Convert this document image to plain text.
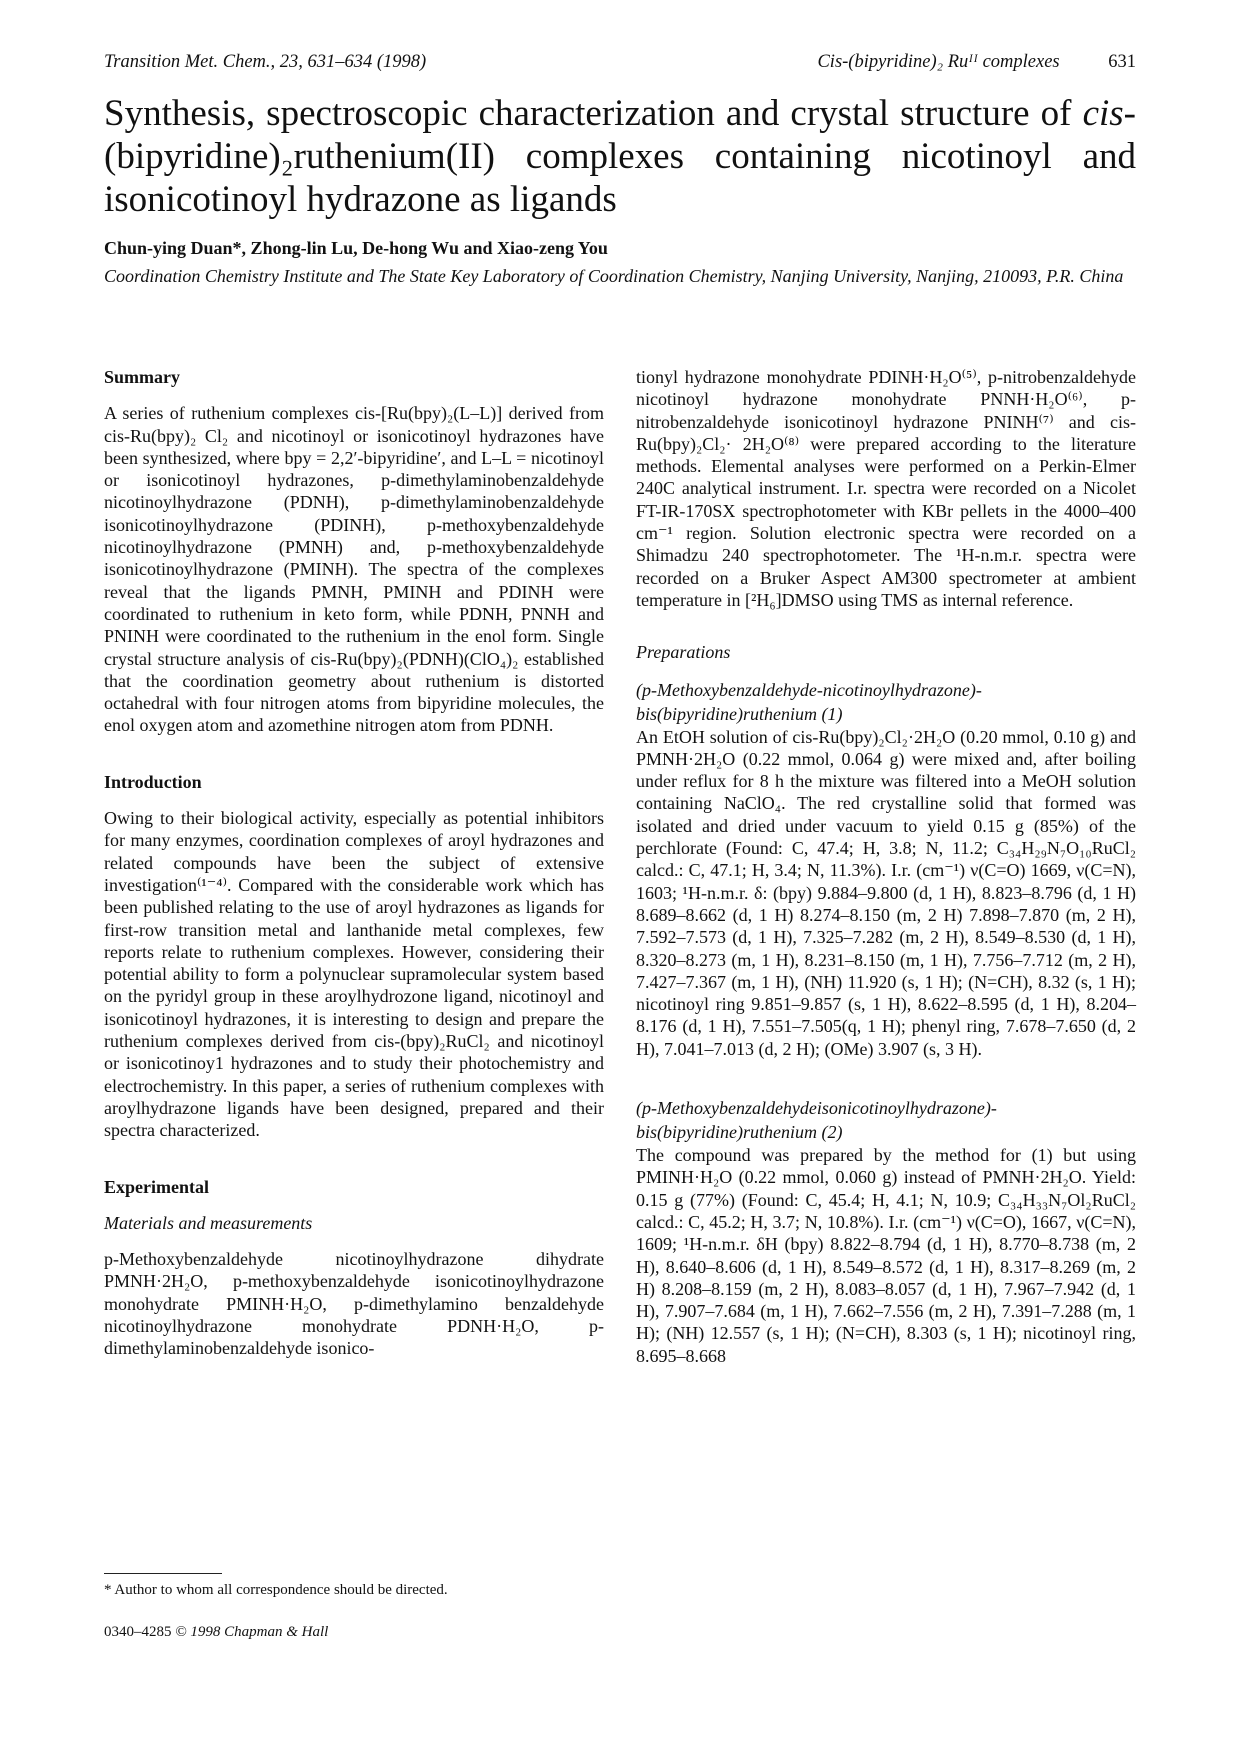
Transition Met. Chem., 23, 631–634 (1998)	Cis-(bipyridine)₂ Ruᴵᴵ complexes	631
Synthesis, spectroscopic characterization and crystal structure of cis-(bipyridine)₂ruthenium(II) complexes containing nicotinoyl and isonicotinoyl hydrazone as ligands
Chun-ying Duan*, Zhong-lin Lu, De-hong Wu and Xiao-zeng You
Coordination Chemistry Institute and The State Key Laboratory of Coordination Chemistry, Nanjing University, Nanjing, 210093, P.R. China
Summary

A series of ruthenium complexes cis-[Ru(bpy)₂(L–L)] derived from cis-Ru(bpy)₂ Cl₂ and nicotinoyl or isonicotinoyl hydrazones have been synthesized, where bpy = 2,2′-bipyridine′, and L–L = nicotinoyl or isonicotinoyl hydrazones, p-dimethylaminobenzaldehyde nicotinoylhydrazone (PDNH), p-dimethylaminobenzaldehyde isonicotinoylhydrazone (PDINH), p-methoxybenzaldehyde nicotinoylhydrazone (PMNH) and, p-methoxybenzaldehyde isonicotinoylhydrazone (PMINH). The spectra of the complexes reveal that the ligands PMNH, PMINH and PDINH were coordinated to ruthenium in keto form, while PDNH, PNNH and PNINH were coordinated to the ruthenium in the enol form. Single crystal structure analysis of cis-Ru(bpy)₂(PDNH)(ClO₄)₂ established that the coordination geometry about ruthenium is distorted octahedral with four nitrogen atoms from bipyridine molecules, the enol oxygen atom and azomethine nitrogen atom from PDNH.

Introduction

Owing to their biological activity, especially as potential inhibitors for many enzymes, coordination complexes of aroyl hydrazones and related compounds have been the subject of extensive investigation⁽¹⁻⁴⁾. Compared with the considerable work which has been published relating to the use of aroyl hydrazones as ligands for first-row transition metal and lanthanide metal complexes, few reports relate to ruthenium complexes. However, considering their potential ability to form a polynuclear supramolecular system based on the pyridyl group in these aroylhydrozone ligand, nicotinoyl and isonicotinoyl hydrazones, it is interesting to design and prepare the ruthenium complexes derived from cis-(bpy)₂RuCl₂ and nicotinoyl or isonicotinoy1 hydrazones and to study their photochemistry and electrochemistry. In this paper, a series of ruthenium complexes with aroylhydrazone ligands have been designed, prepared and their spectra characterized.

Experimental
Materials and measurements

p-Methoxybenzaldehyde nicotinoylhydrazone dihydrate PMNH·2H₂O, p-methoxybenzaldehyde isonicotinoylhydrazone monohydrate PMINH·H₂O, p-dimethylamino benzaldehyde nicotinoylhydrazone monohydrate PDNH·H₂O, p-dimethylaminobenzaldehyde isonico-

tionyl hydrazone monohydrate PDINH·H₂O⁽⁵⁾, p-nitrobenzaldehyde nicotinoyl hydrazone monohydrate PNNH·H₂O⁽⁶⁾, p-nitrobenzaldehyde isonicotinoyl hydrazone PNINH⁽⁷⁾ and cis-Ru(bpy)₂Cl₂· 2H₂O⁽⁸⁾ were prepared according to the literature methods. Elemental analyses were performed on a Perkin-Elmer 240C analytical instrument. I.r. spectra were recorded on a Nicolet FT-IR-170SX spectrophotometer with KBr pellets in the 4000–400 cm⁻¹ region. Solution electronic spectra were recorded on a Shimadzu 240 spectrophotometer. The ¹H-n.m.r. spectra were recorded on a Bruker Aspect AM300 spectrometer at ambient temperature in [²H₆]DMSO using TMS as internal reference.

Preparations
(p-Methoxybenzaldehyde-nicotinoylhydrazone)-
bis(bipyridine)ruthenium (1)

An EtOH solution of cis-Ru(bpy)₂Cl₂·2H₂O (0.20 mmol, 0.10 g) and PMNH·2H₂O (0.22 mmol, 0.064 g) were mixed and, after boiling under reflux for 8 h the mixture was filtered into a MeOH solution containing NaClO₄. The red crystalline solid that formed was isolated and dried under vacuum to yield 0.15 g (85%) of the perchlorate (Found: C, 47.4; H, 3.8; N, 11.2; C₃₄H₂₉N₇O₁₀RuCl₂ calcd.: C, 47.1; H, 3.4; N, 11.3%). I.r. (cm⁻¹) ν(C=O) 1669, ν(C=N), 1603; ¹H-n.m.r. δ: (bpy) 9.884–9.800 (d, 1 H), 8.823–8.796 (d, 1 H) 8.689–8.662 (d, 1 H) 8.274–8.150 (m, 2 H) 7.898–7.870 (m, 2 H), 7.592–7.573 (d, 1 H), 7.325–7.282 (m, 2 H), 8.549–8.530 (d, 1 H), 8.320–8.273 (m, 1 H), 8.231–8.150 (m, 1 H), 7.756–7.712 (m, 2 H), 7.427–7.367 (m, 1 H), (NH) 11.920 (s, 1 H); (N=CH), 8.32 (s, 1 H); nicotinoyl ring 9.851–9.857 (s, 1 H), 8.622–8.595 (d, 1 H), 8.204–8.176 (d, 1 H), 7.551–7.505(q, 1 H); phenyl ring, 7.678–7.650 (d, 2 H), 7.041–7.013 (d, 2 H); (OMe) 3.907 (s, 3 H).

(p-Methoxybenzaldehydeisonicotinoylhydrazone)-
bis(bipyridine)ruthenium (2)

The compound was prepared by the method for (1) but using PMINH·H₂O (0.22 mmol, 0.060 g) instead of PMNH·2H₂O. Yield: 0.15 g (77%) (Found: C, 45.4; H, 4.1; N, 10.9; C₃₄H₃₃N₇Ol₂RuCl₂ calcd.: C, 45.2; H, 3.7; N, 10.8%). I.r. (cm⁻¹) ν(C=O), 1667, ν(C=N), 1609; ¹H-n.m.r. δH (bpy) 8.822–8.794 (d, 1 H), 8.770–8.738 (m, 2 H), 8.640–8.606 (d, 1 H), 8.549–8.572 (d, 1 H), 8.317–8.269 (m, 2 H) 8.208–8.159 (m, 2 H), 8.083–8.057 (d, 1 H), 7.967–7.942 (d, 1 H), 7.907–7.684 (m, 1 H), 7.662–7.556 (m, 2 H), 7.391–7.288 (m, 1 H); (NH) 12.557 (s, 1 H); (N=CH), 8.303 (s, 1 H); nicotinoyl ring, 8.695–8.668

* Author to whom all correspondence should be directed.
0340–4285 © 1998 Chapman & Hall
